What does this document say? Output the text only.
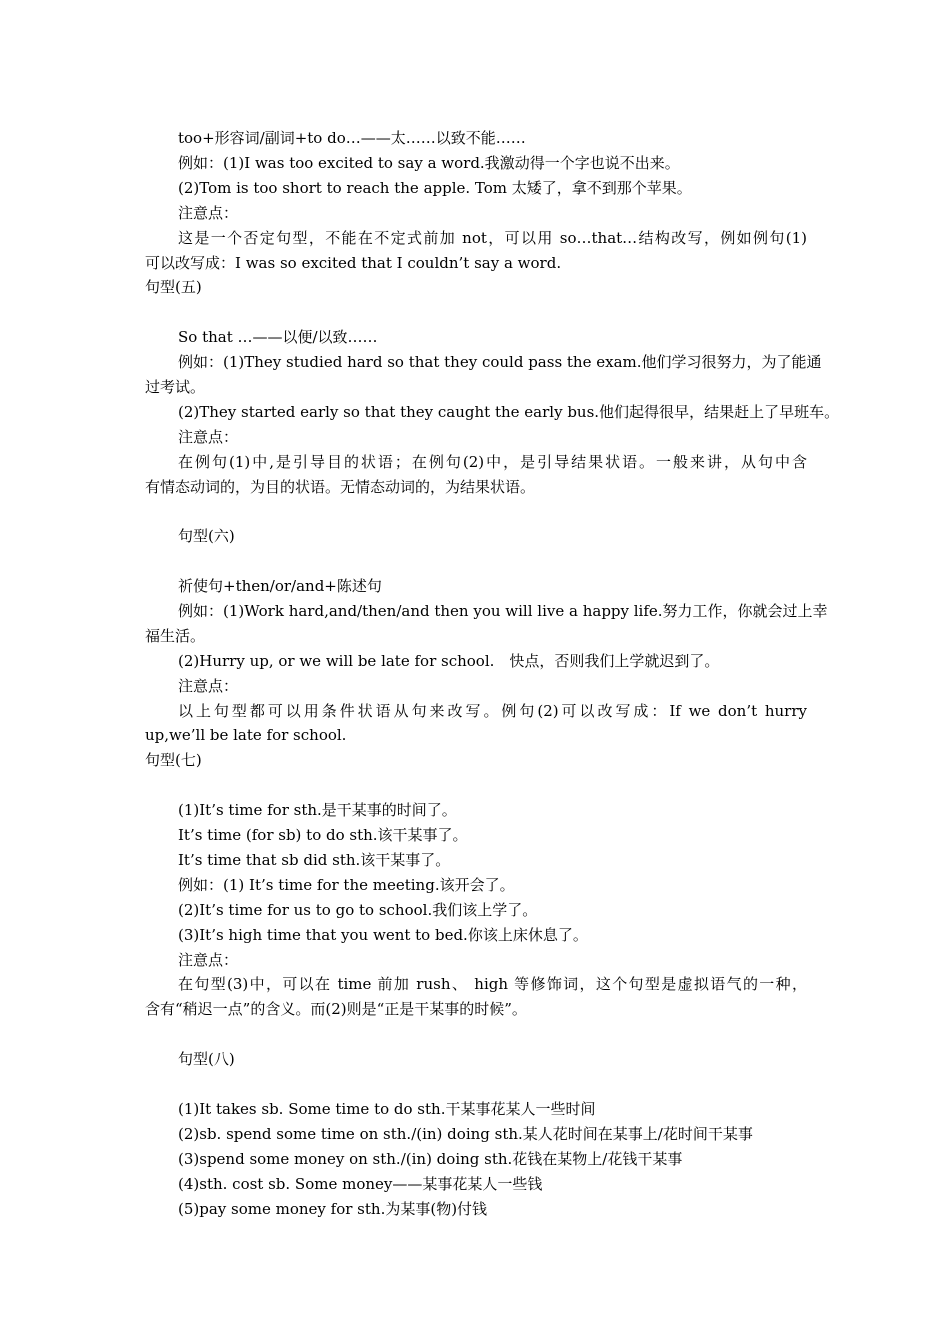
too+形容词/副词+to do…——太……以致不能……
例如：(1)I was too excited to say a word.我激动得一个字也说不出来。
(2)Tom is too short to reach the apple. Tom 太矮了，拿不到那个苹果。
注意点：
这是一个否定句型，不能在不定式前加 not，可以用 so…that…结构改写，例如例句(1)
可以改写成：I was so excited that I couldn’t say a word.
句型(五)
So that …——以便/以致……
例如：(1)They studied hard so that they could pass the exam.他们学习很努力，为了能通
过考试。
(2)They started early so that they caught the early bus.他们起得很早，结果赶上了早班车。
注意点：
在例句(1)中,是引导目的状语；在例句(2)中，是引导结果状语。一般来讲，从句中含
有情态动词的，为目的状语。无情态动词的，为结果状语。
句型(六)
祈使句+then/or/and+陈述句
例如：(1)Work hard,and/then/and then you will live a happy life.努力工作，你就会过上幸
福生活。
(2)Hurry up, or we will be late for school.　快点，否则我们上学就迟到了。
注意点：
以上句型都可以用条件状语从句来改写。例句(2)可以改写成：If we don’t hurry
up,we’ll be late for school.
句型(七)
(1)It’s time for sth.是干某事的时间了。
It’s time (for sb) to do sth.该干某事了。
It’s time that sb did sth.该干某事了。
例如：(1) It’s time for the meeting.该开会了。
(2)It’s time for us to go to school.我们该上学了。
(3)It’s high time that you went to bed.你该上床休息了。
注意点：
在句型(3)中，可以在 time 前加 rush、 high 等修饰词，这个句型是虚拟语气的一种，
含有“稍迟一点”的含义。而(2)则是“正是干某事的时候”。
句型(八)
(1)It takes sb. Some time to do sth.干某事花某人一些时间
(2)sb. spend some time on sth./(in) doing sth.某人花时间在某事上/花时间干某事
(3)spend some money on sth./(in) doing sth.花钱在某物上/花钱干某事
(4)sth. cost sb. Some money——某事花某人一些钱
(5)pay some money for sth.为某事(物)付钱
